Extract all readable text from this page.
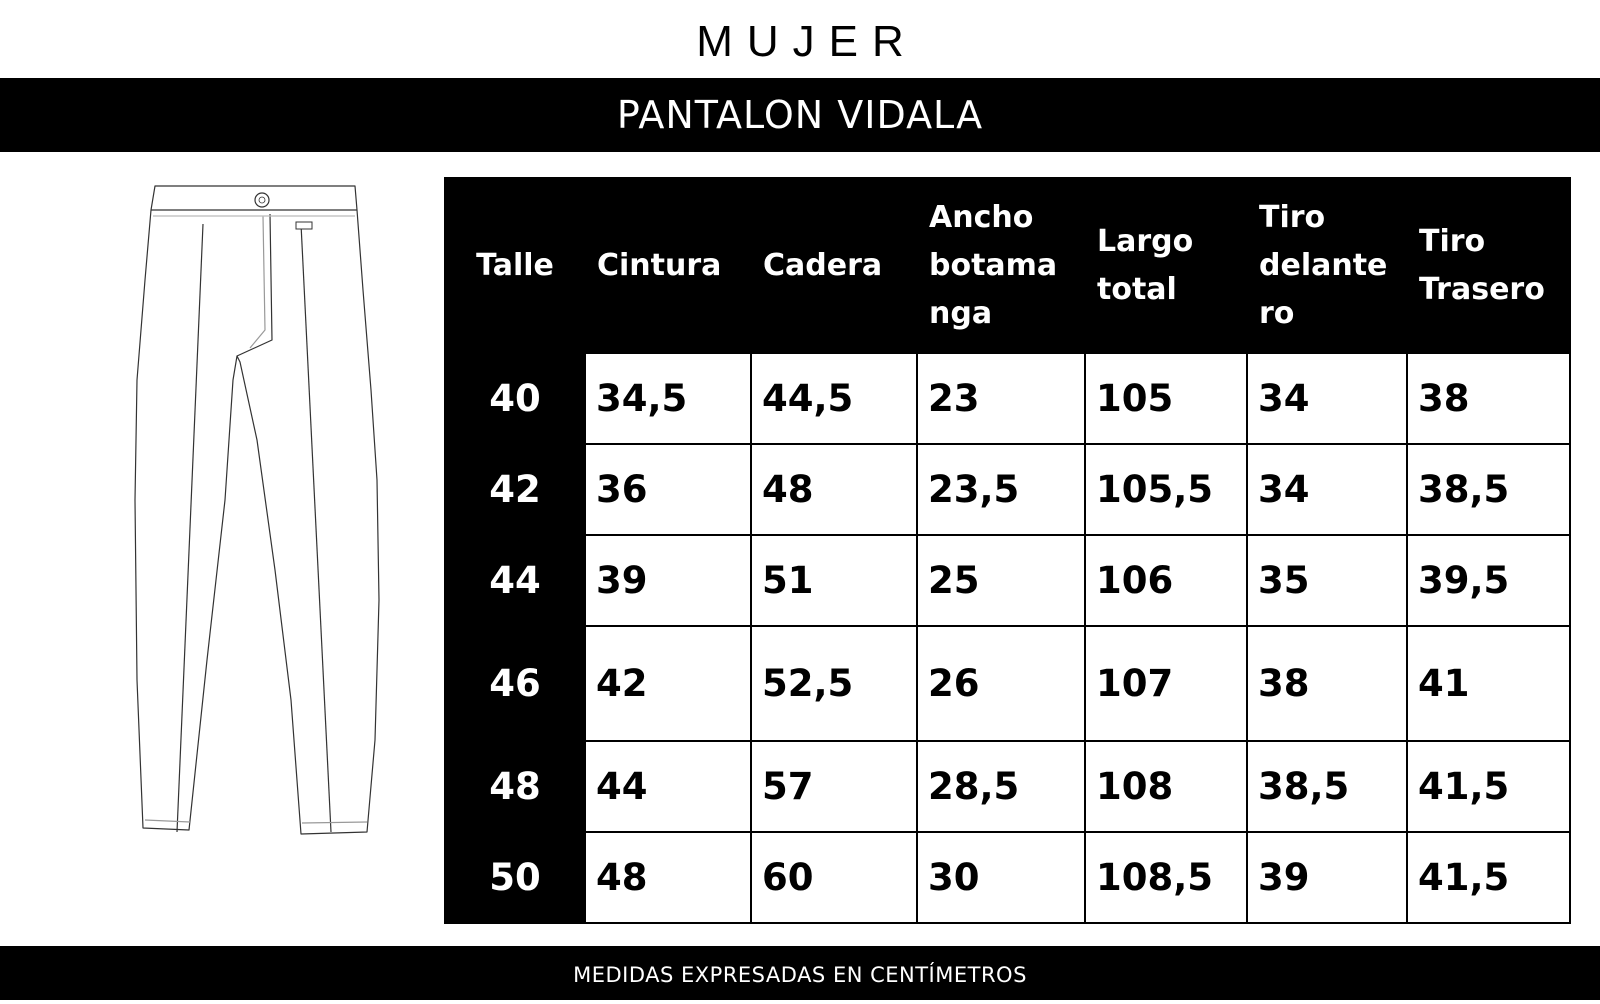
MUJER
PANTALON VIDALA
Talle	Cintura	Cadera	Ancho botama nga	Largo total	Tiro delante ro	Tiro Trasero
40	34,5	44,5	23	105	34	38
42	36	48	23,5	105,5	34	38,5
44	39	51	25	106	35	39,5
46	42	52,5	26	107	38	41
48	44	57	28,5	108	38,5	41,5
50	48	60	30	108,5	39	41,5
MEDIDAS EXPRESADAS EN CENTÍMETROS
